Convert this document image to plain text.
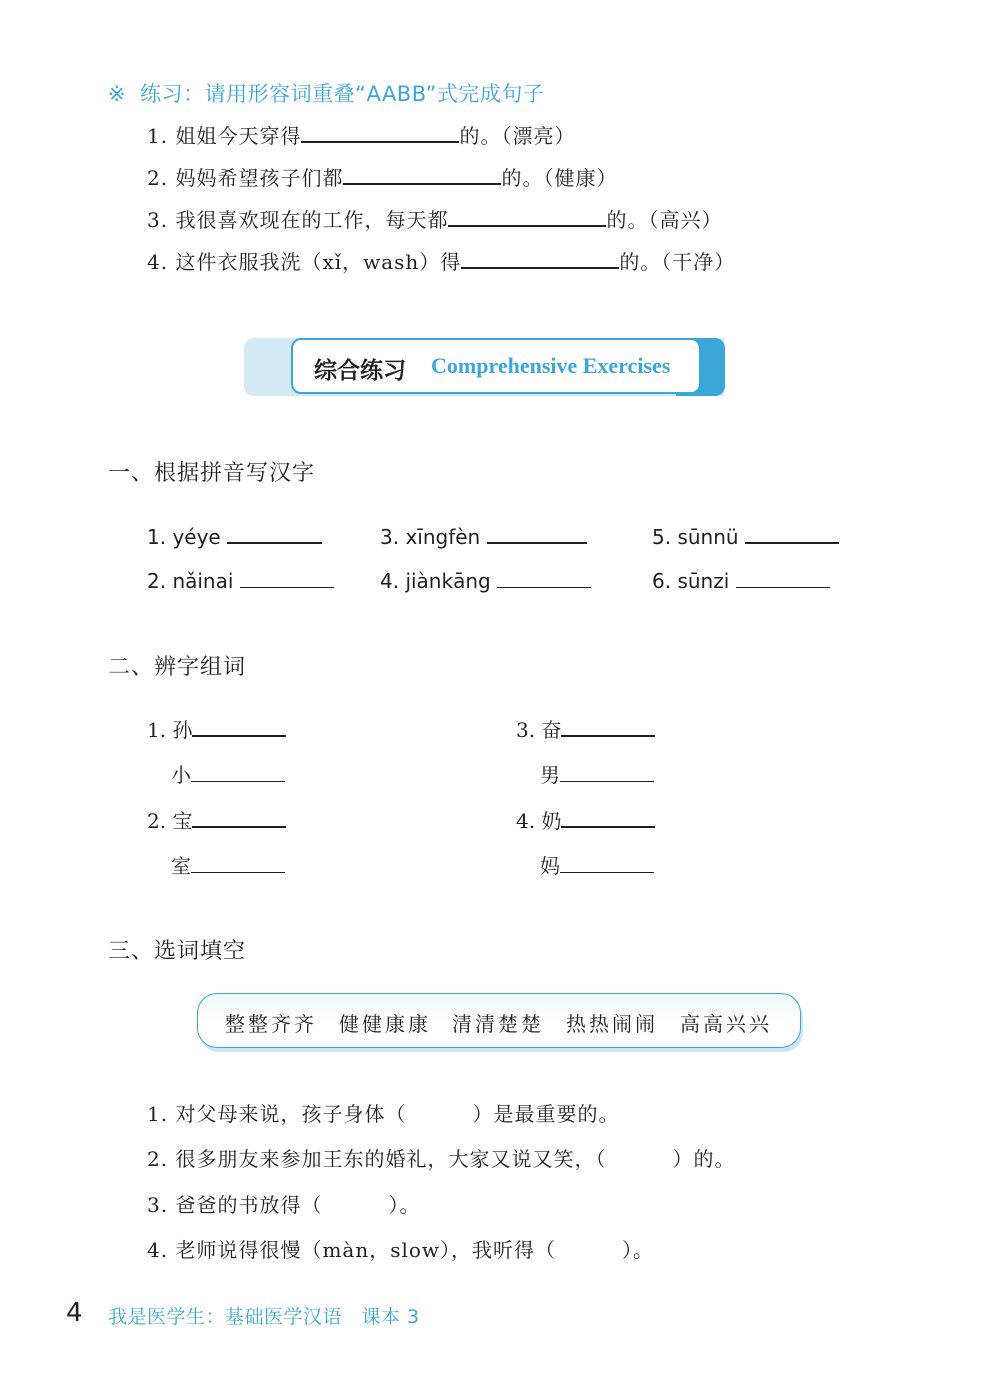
※ 练习：请用形容词重叠“AABB”式完成句子
1. 姐姐今天穿得	的。（漂亮）
2. 妈妈希望孩子们都	的。（健康）
3. 我很喜欢现在的工作，每天都	的。（高兴）
4. 这件衣服我洗（xǐ，wash）得	的。（干净）
综合练习 Comprehensive Exercises
一、根据拼音写汉字
1. yéye	3. xīngfèn	5. sūnnü
2. nǎinai	4. jiànkāng	6. sūnzi
二、辨字组词
1. 孙
小
2. 宝
室
3. 奋
男
4. 奶
妈
三、选词填空
整整齐齐 健健康康 清清楚楚 热热闹闹 高高兴兴
1. 对父母来说，孩子身体（	）是最重要的。
2. 很多朋友来参加王东的婚礼，大家又说又笑，（	）的。
3. 爸爸的书放得（	）。
4. 老师说得很慢（màn，slow），我听得（	）。
4 我是医学生：基础医学汉语　课本 3
